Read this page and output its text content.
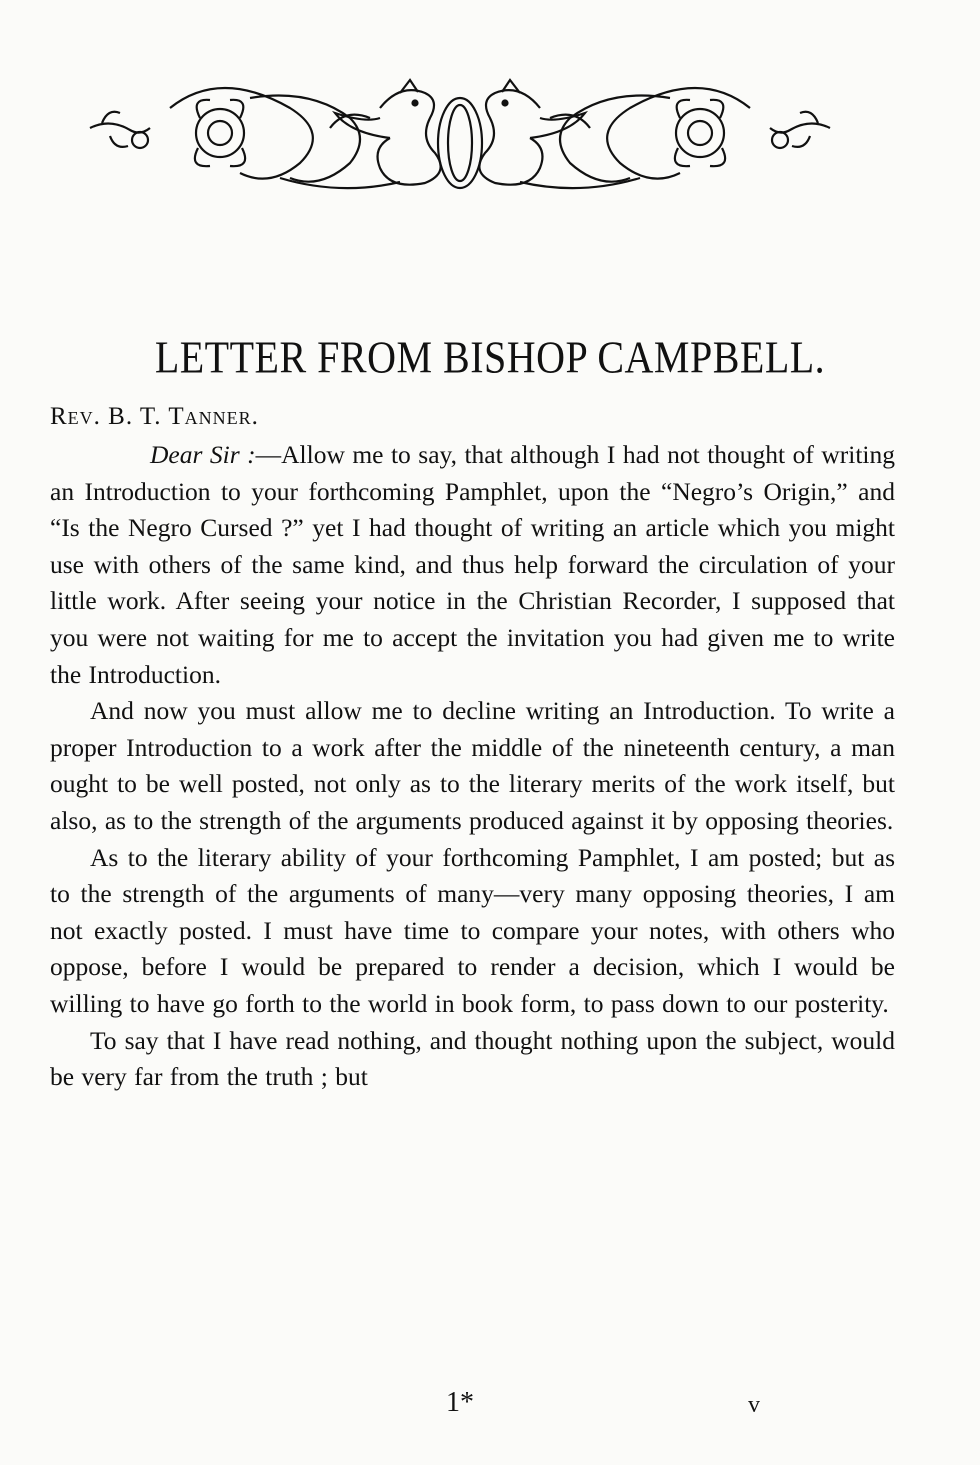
LETTER FROM BISHOP CAMPBELL.
Rev. B. T. Tanner.

Dear Sir :—Allow me to say, that although I had not thought of writing an Introduction to your forthcoming Pamphlet, upon the “Negro’s Origin,” and “Is the Negro Cursed ?” yet I had thought of writing an article which you might use with others of the same kind, and thus help forward the circulation of your little work. After seeing your notice in the Christian Recorder, I supposed that you were not waiting for me to accept the invitation you had given me to write the Introduction.

And now you must allow me to decline writing an Introduction. To write a proper Introduction to a work after the middle of the nineteenth century, a man ought to be well posted, not only as to the literary merits of the work itself, but also, as to the strength of the arguments produced against it by opposing theories.

As to the literary ability of your forthcoming Pamphlet, I am posted; but as to the strength of the arguments of many—very many opposing theories, I am not exactly posted. I must have time to compare your notes, with others who oppose, before I would be prepared to render a decision, which I would be willing to have go forth to the world in book form, to pass down to our posterity.

To say that I have read nothing, and thought nothing upon the subject, would be very far from the truth ; but

1*	v
